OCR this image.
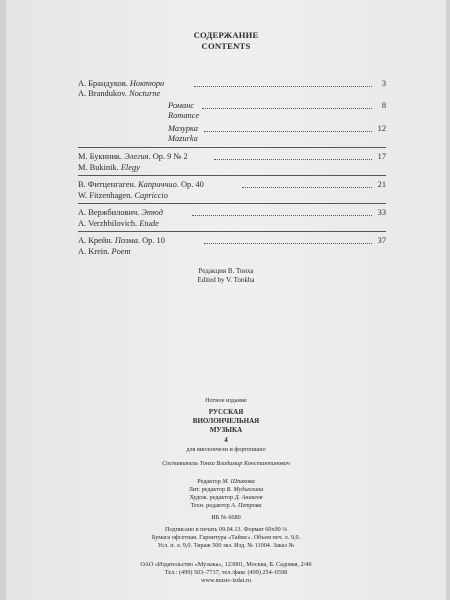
СОДЕРЖАНИЕ
CONTENTS
А. Брандуков. Ноктюрн	3
A. Brandukov. Nocturne
Романс	8
Romance
Мазурка	12
Mazurka
М. Букиник. Элегия. Op. 9 № 2	17
M. Bukinik. Elegy
В. Фитценгаген. Каприччио. Op. 40	21
W. Fitzenhagen. Capriccio
А. Вержбилович. Этюд	33
A. Verzhbilovich. Etude
А. Крейн. Поэма. Op. 10	37
A. Krein. Poem
Редакция В. Тонха
Edited by V. Tonkha
Нотное издание
РУССКАЯ
ВИОЛОНЧЕЛЬНАЯ
МУЗЫКА
4
для виолончели и фортепиано
Составитель Тонха Владимир Константинович
Редактор М. Шпакова
Лит. редактор В. Мудьюгина
Худож. редактор Д. Аникеев
Техн. редактор А. Петрова
ИБ № 6680
Подписано в печать 09.04.13. Формат 60x90 ⅛
Бумага офсетная. Гарнитура «Таймс». Объем печ. л. 9,0.
Усл. п. л. 9,0. Тираж 500 экз. Изд. № 11004. Заказ №
ОАО «Издательство «Музыка», 123001, Москва, Б. Садовая, 2/46
Тел.: (499) 503–7737, тел./факс (499) 254–6598
www.music-izdat.ru
